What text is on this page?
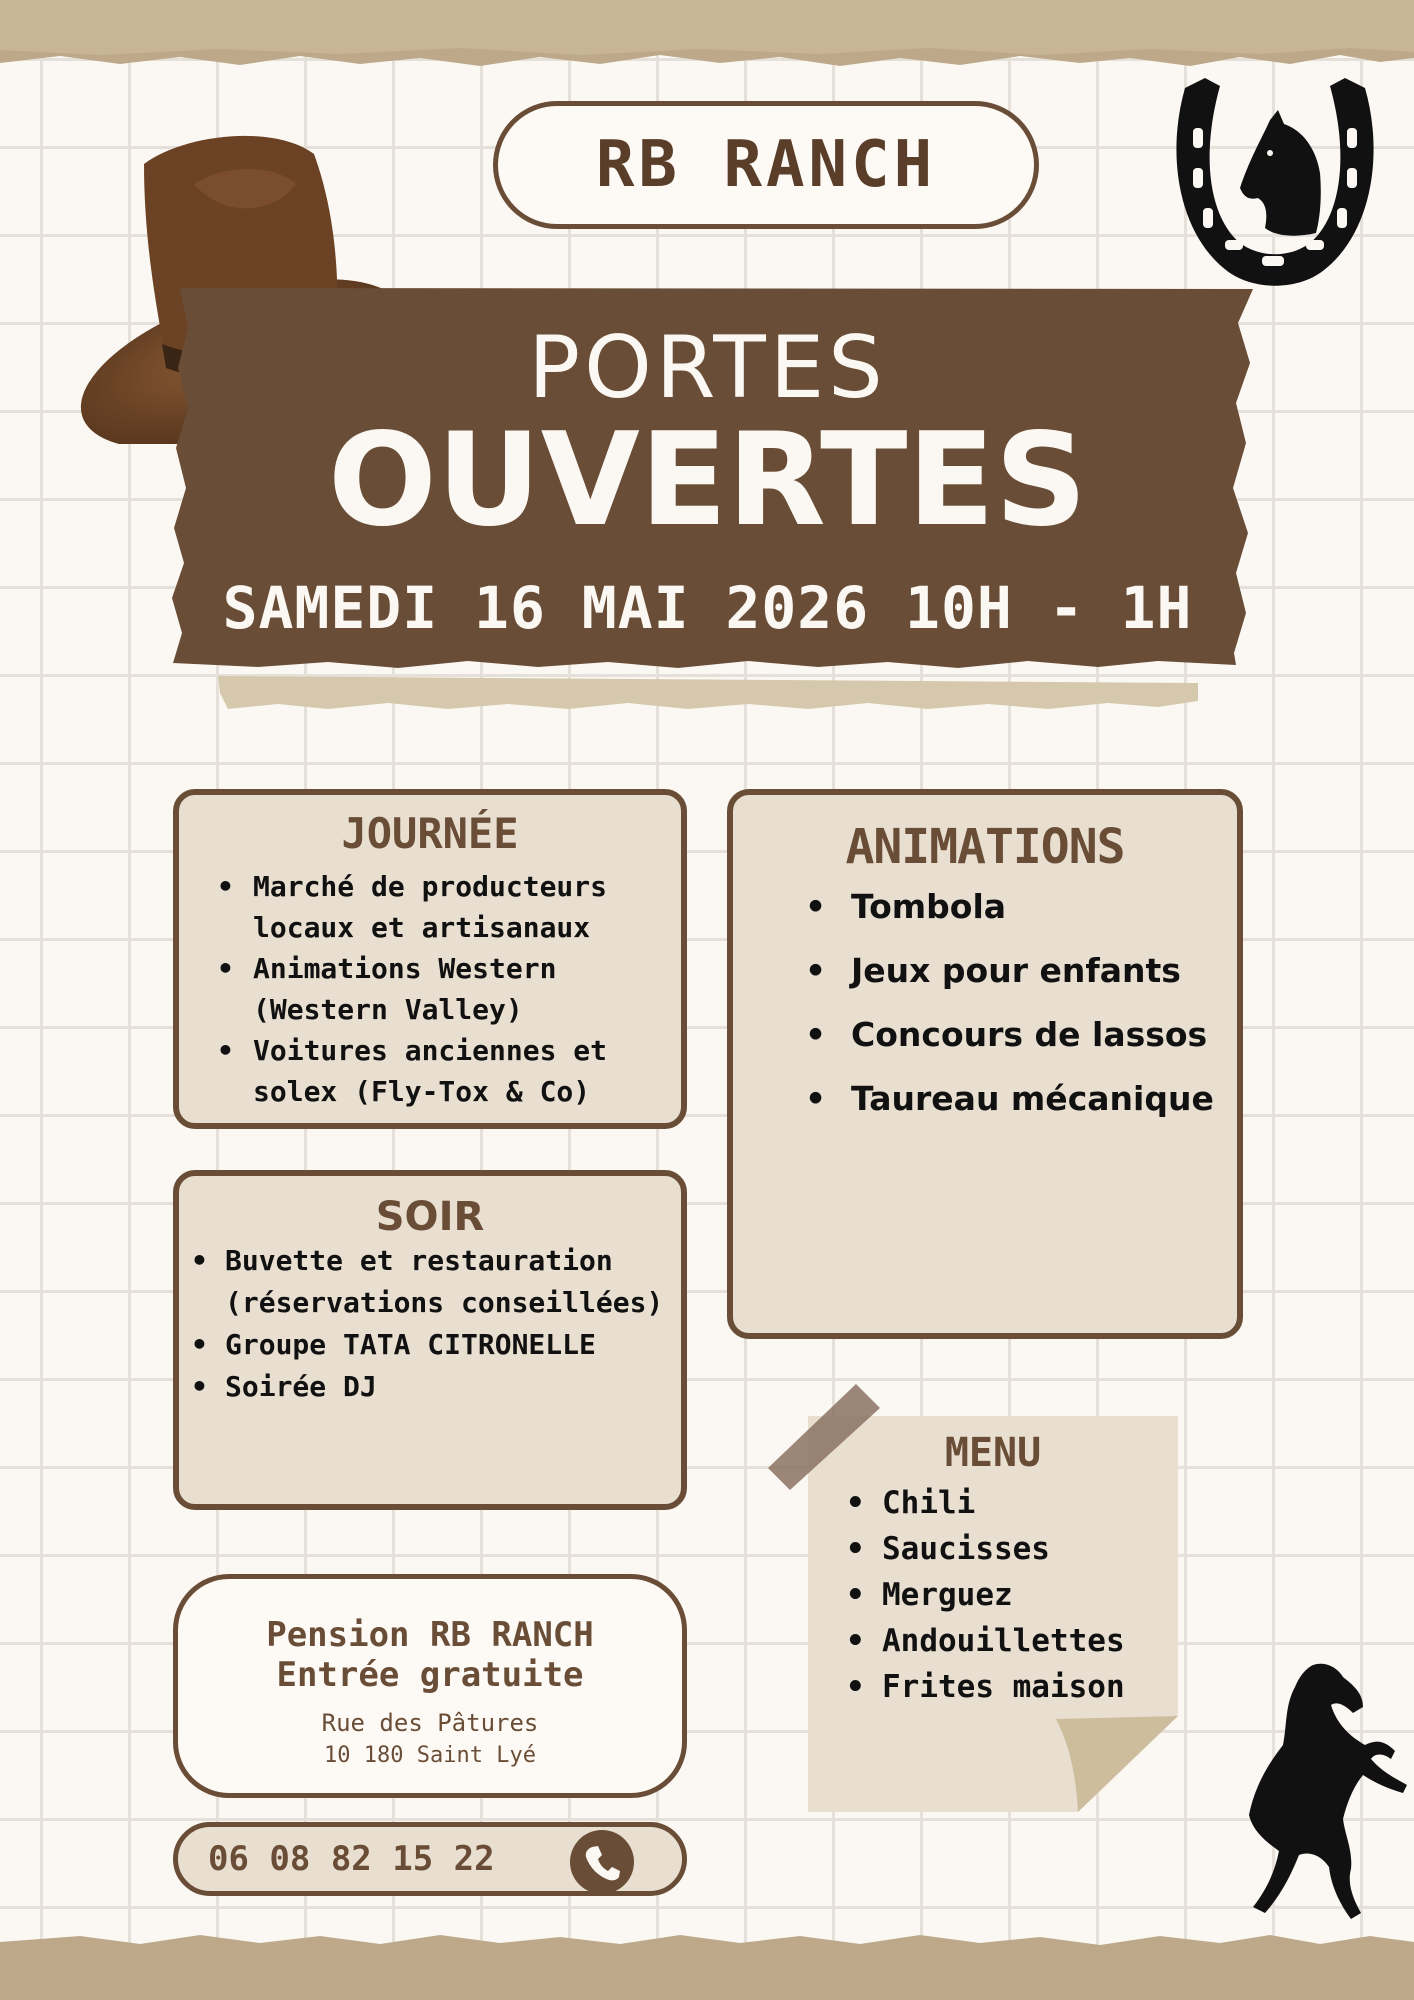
RB RANCH
PORTES
OUVERTES
SAMEDI 16 MAI 2026 10H - 1H
JOURNÉE
• Marché de producteurs locaux et artisanaux
• Animations Western (Western Valley)
• Voitures anciennes et solex (Fly-Tox & Co)
ANIMATIONS
• Tombola
• Jeux pour enfants
• Concours de lassos
• Taureau mécanique
SOIR
• Buvette et restauration (réservations conseillées)
• Groupe TATA CITRONELLE
• Soirée DJ
MENU
• Chili
• Saucisses
• Merguez
• Andouillettes
• Frites maison
Pension RB RANCH
Entrée gratuite
Rue des Pâtures
10 180 Saint Lyé
06 08 82 15 22
